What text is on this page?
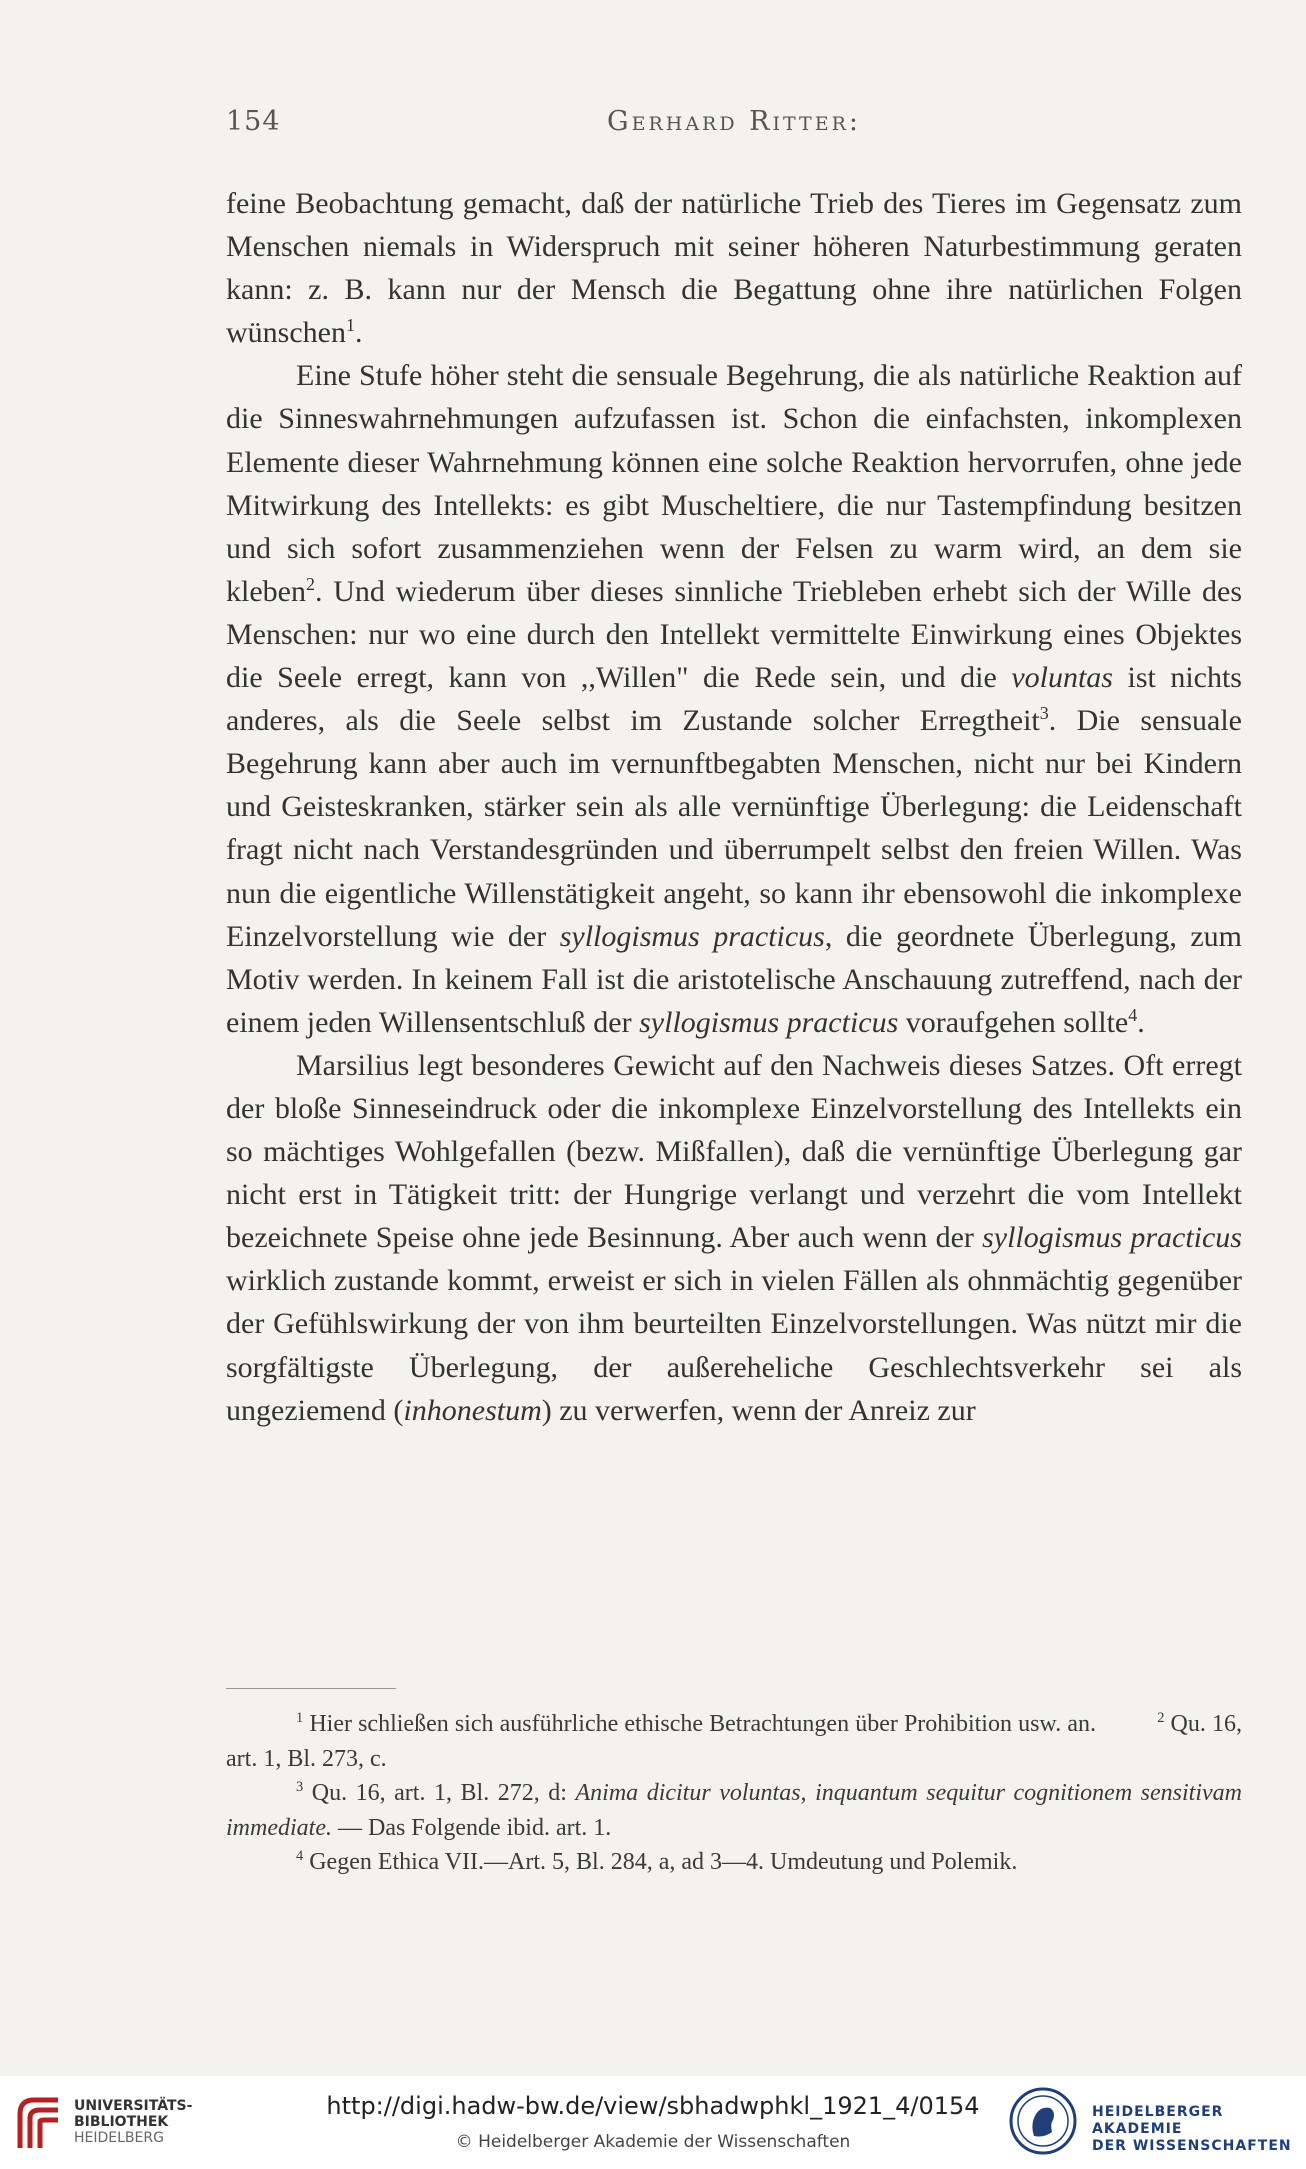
154	Gerhard Ritter:

feine Beobachtung gemacht, daß der natürliche Trieb des Tieres im Gegensatz zum Menschen niemals in Widerspruch mit seiner höheren Naturbestimmung geraten kann: z. B. kann nur der Mensch die Begattung ohne ihre natürlichen Folgen wünschen$^1$.

Eine Stufe höher steht die sensuale Begehrung, die als natürliche Reaktion auf die Sinneswahrnehmungen aufzufassen ist. Schon die einfachsten, inkomplexen Elemente dieser Wahrnehmung können eine solche Reaktion hervorrufen, ohne jede Mitwirkung des Intellekts: es gibt Muscheltiere, die nur Tastempfindung besitzen und sich sofort zusammenziehen wenn der Felsen zu warm wird, an dem sie kleben$^2$. Und wiederum über dieses sinnliche Triebleben erhebt sich der Wille des Menschen: nur wo eine durch den Intellekt vermittelte Einwirkung eines Objektes die Seele erregt, kann von ,,Willen" die Rede sein, und die voluntas ist nichts anderes, als die Seele selbst im Zustande solcher Erregtheit$^3$. Die sensuale Begehrung kann aber auch im vernunftbegabten Menschen, nicht nur bei Kindern und Geisteskranken, stärker sein als alle vernünftige Überlegung: die Leidenschaft fragt nicht nach Verstandesgründen und überrumpelt selbst den freien Willen. Was nun die eigentliche Willenstätigkeit angeht, so kann ihr ebensowohl die inkomplexe Einzelvorstellung wie der syllogismus practicus, die geordnete Überlegung, zum Motiv werden. In keinem Fall ist die aristotelische Anschauung zutreffend, nach der einem jeden Willensentschluß der syllogismus practicus voraufgehen sollte$^4$.

Marsilius legt besonderes Gewicht auf den Nachweis dieses Satzes. Oft erregt der bloße Sinneseindruck oder die inkomplexe Einzelvorstellung des Intellekts ein so mächtiges Wohlgefallen (bezw. Mißfallen), daß die vernünftige Überlegung gar nicht erst in Tätigkeit tritt: der Hungrige verlangt und verzehrt die vom Intellekt bezeichnete Speise ohne jede Besinnung. Aber auch wenn der syllogismus practicus wirklich zustande kommt, erweist er sich in vielen Fällen als ohnmächtig gegenüber der Gefühlswirkung der von ihm beurteilten Einzelvorstellungen. Was nützt mir die sorgfältigste Überlegung, der außereheliche Geschlechtsverkehr sei als ungeziemend (inhonestum) zu verwerfen, wenn der Anreiz zur

$^1$ Hier schließen sich ausführliche ethische Betrachtungen über Prohibition usw. an.	$^2$ Qu. 16, art. 1, Bl. 273, c.

$^3$ Qu. 16, art. 1, Bl. 272, d: Anima dicitur voluntas, inquantum sequitur cognitionem sensitivam immediate. — Das Folgende ibid. art. 1.

$^4$ Gegen Ethica VII.—Art. 5, Bl. 284, a, ad 3—4. Umdeutung und Polemik.

UNIVERSITÄTS-
BIBLIOTHEK
HEIDELBERG
http://digi.hadw-bw.de/view/sbhadwphkl_1921_4/0154
© Heidelberger Akademie der Wissenschaften
HEIDELBERGER AKADEMIE
DER WISSENSCHAFTEN
